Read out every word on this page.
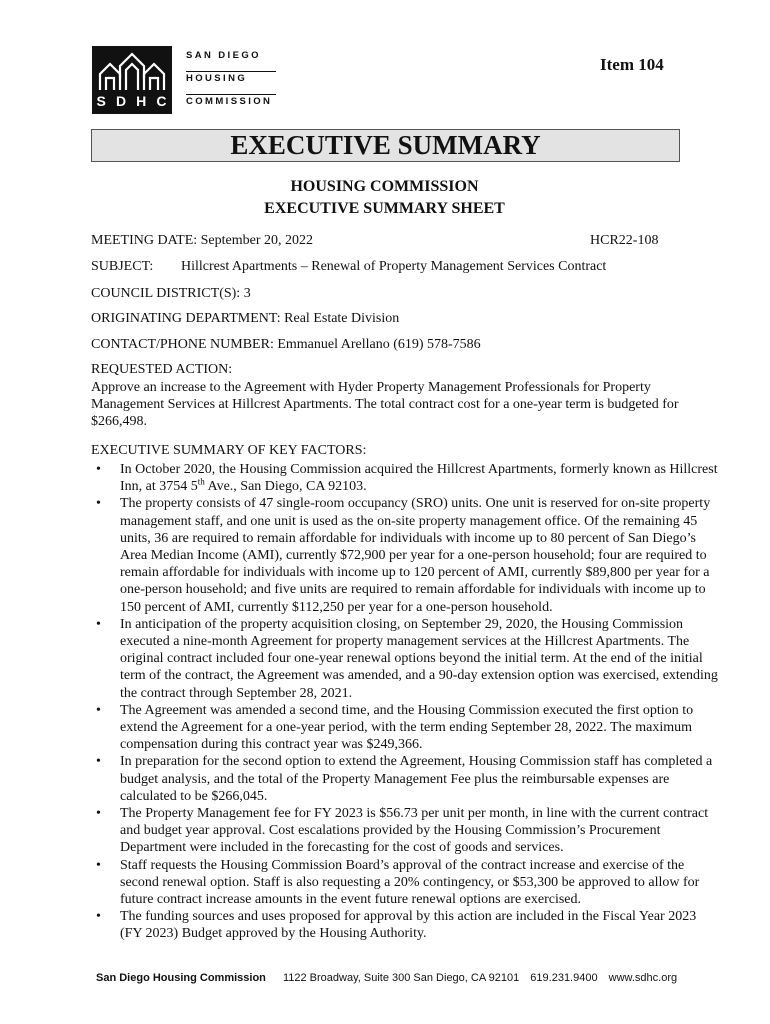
S D H C
SAN DIEGO
HOUSING
COMMISSION
Item 104
EXECUTIVE SUMMARY
HOUSING COMMISSION
EXECUTIVE SUMMARY SHEET
MEETING DATE: September 20, 2022	HCR22-108
SUBJECT: Hillcrest Apartments – Renewal of Property Management Services Contract
COUNCIL DISTRICT(S): 3
ORIGINATING DEPARTMENT: Real Estate Division
CONTACT/PHONE NUMBER: Emmanuel Arellano (619) 578-7586
REQUESTED ACTION:
Approve an increase to the Agreement with Hyder Property Management Professionals for Property Management Services at Hillcrest Apartments. The total contract cost for a one-year term is budgeted for $266,498.
EXECUTIVE SUMMARY OF KEY FACTORS:
• In October 2020, the Housing Commission acquired the Hillcrest Apartments, formerly known as Hillcrest Inn, at 3754 5th Ave., San Diego, CA 92103.
• The property consists of 47 single-room occupancy (SRO) units. One unit is reserved for on-site property management staff, and one unit is used as the on-site property management office. Of the remaining 45 units, 36 are required to remain affordable for individuals with income up to 80 percent of San Diego’s Area Median Income (AMI), currently $72,900 per year for a one-person household; four are required to remain affordable for individuals with income up to 120 percent of AMI, currently $89,800 per year for a one-person household; and five units are required to remain affordable for individuals with income up to 150 percent of AMI, currently $112,250 per year for a one-person household.
• In anticipation of the property acquisition closing, on September 29, 2020, the Housing Commission executed a nine-month Agreement for property management services at the Hillcrest Apartments. The original contract included four one-year renewal options beyond the initial term. At the end of the initial term of the contract, the Agreement was amended, and a 90-day extension option was exercised, extending the contract through September 28, 2021.
• The Agreement was amended a second time, and the Housing Commission executed the first option to extend the Agreement for a one-year period, with the term ending September 28, 2022. The maximum compensation during this contract year was $249,366.
• In preparation for the second option to extend the Agreement, Housing Commission staff has completed a budget analysis, and the total of the Property Management Fee plus the reimbursable expenses are calculated to be $266,045.
• The Property Management fee for FY 2023 is $56.73 per unit per month, in line with the current contract and budget year approval. Cost escalations provided by the Housing Commission’s Procurement Department were included in the forecasting for the cost of goods and services.
• Staff requests the Housing Commission Board’s approval of the contract increase and exercise of the second renewal option. Staff is also requesting a 20% contingency, or $53,300 be approved to allow for future contract increase amounts in the event future renewal options are exercised.
• The funding sources and uses proposed for approval by this action are included in the Fiscal Year 2023 (FY 2023) Budget approved by the Housing Authority.
San Diego Housing Commission 1122 Broadway, Suite 300 San Diego, CA 92101 619.231.9400 www.sdhc.org
